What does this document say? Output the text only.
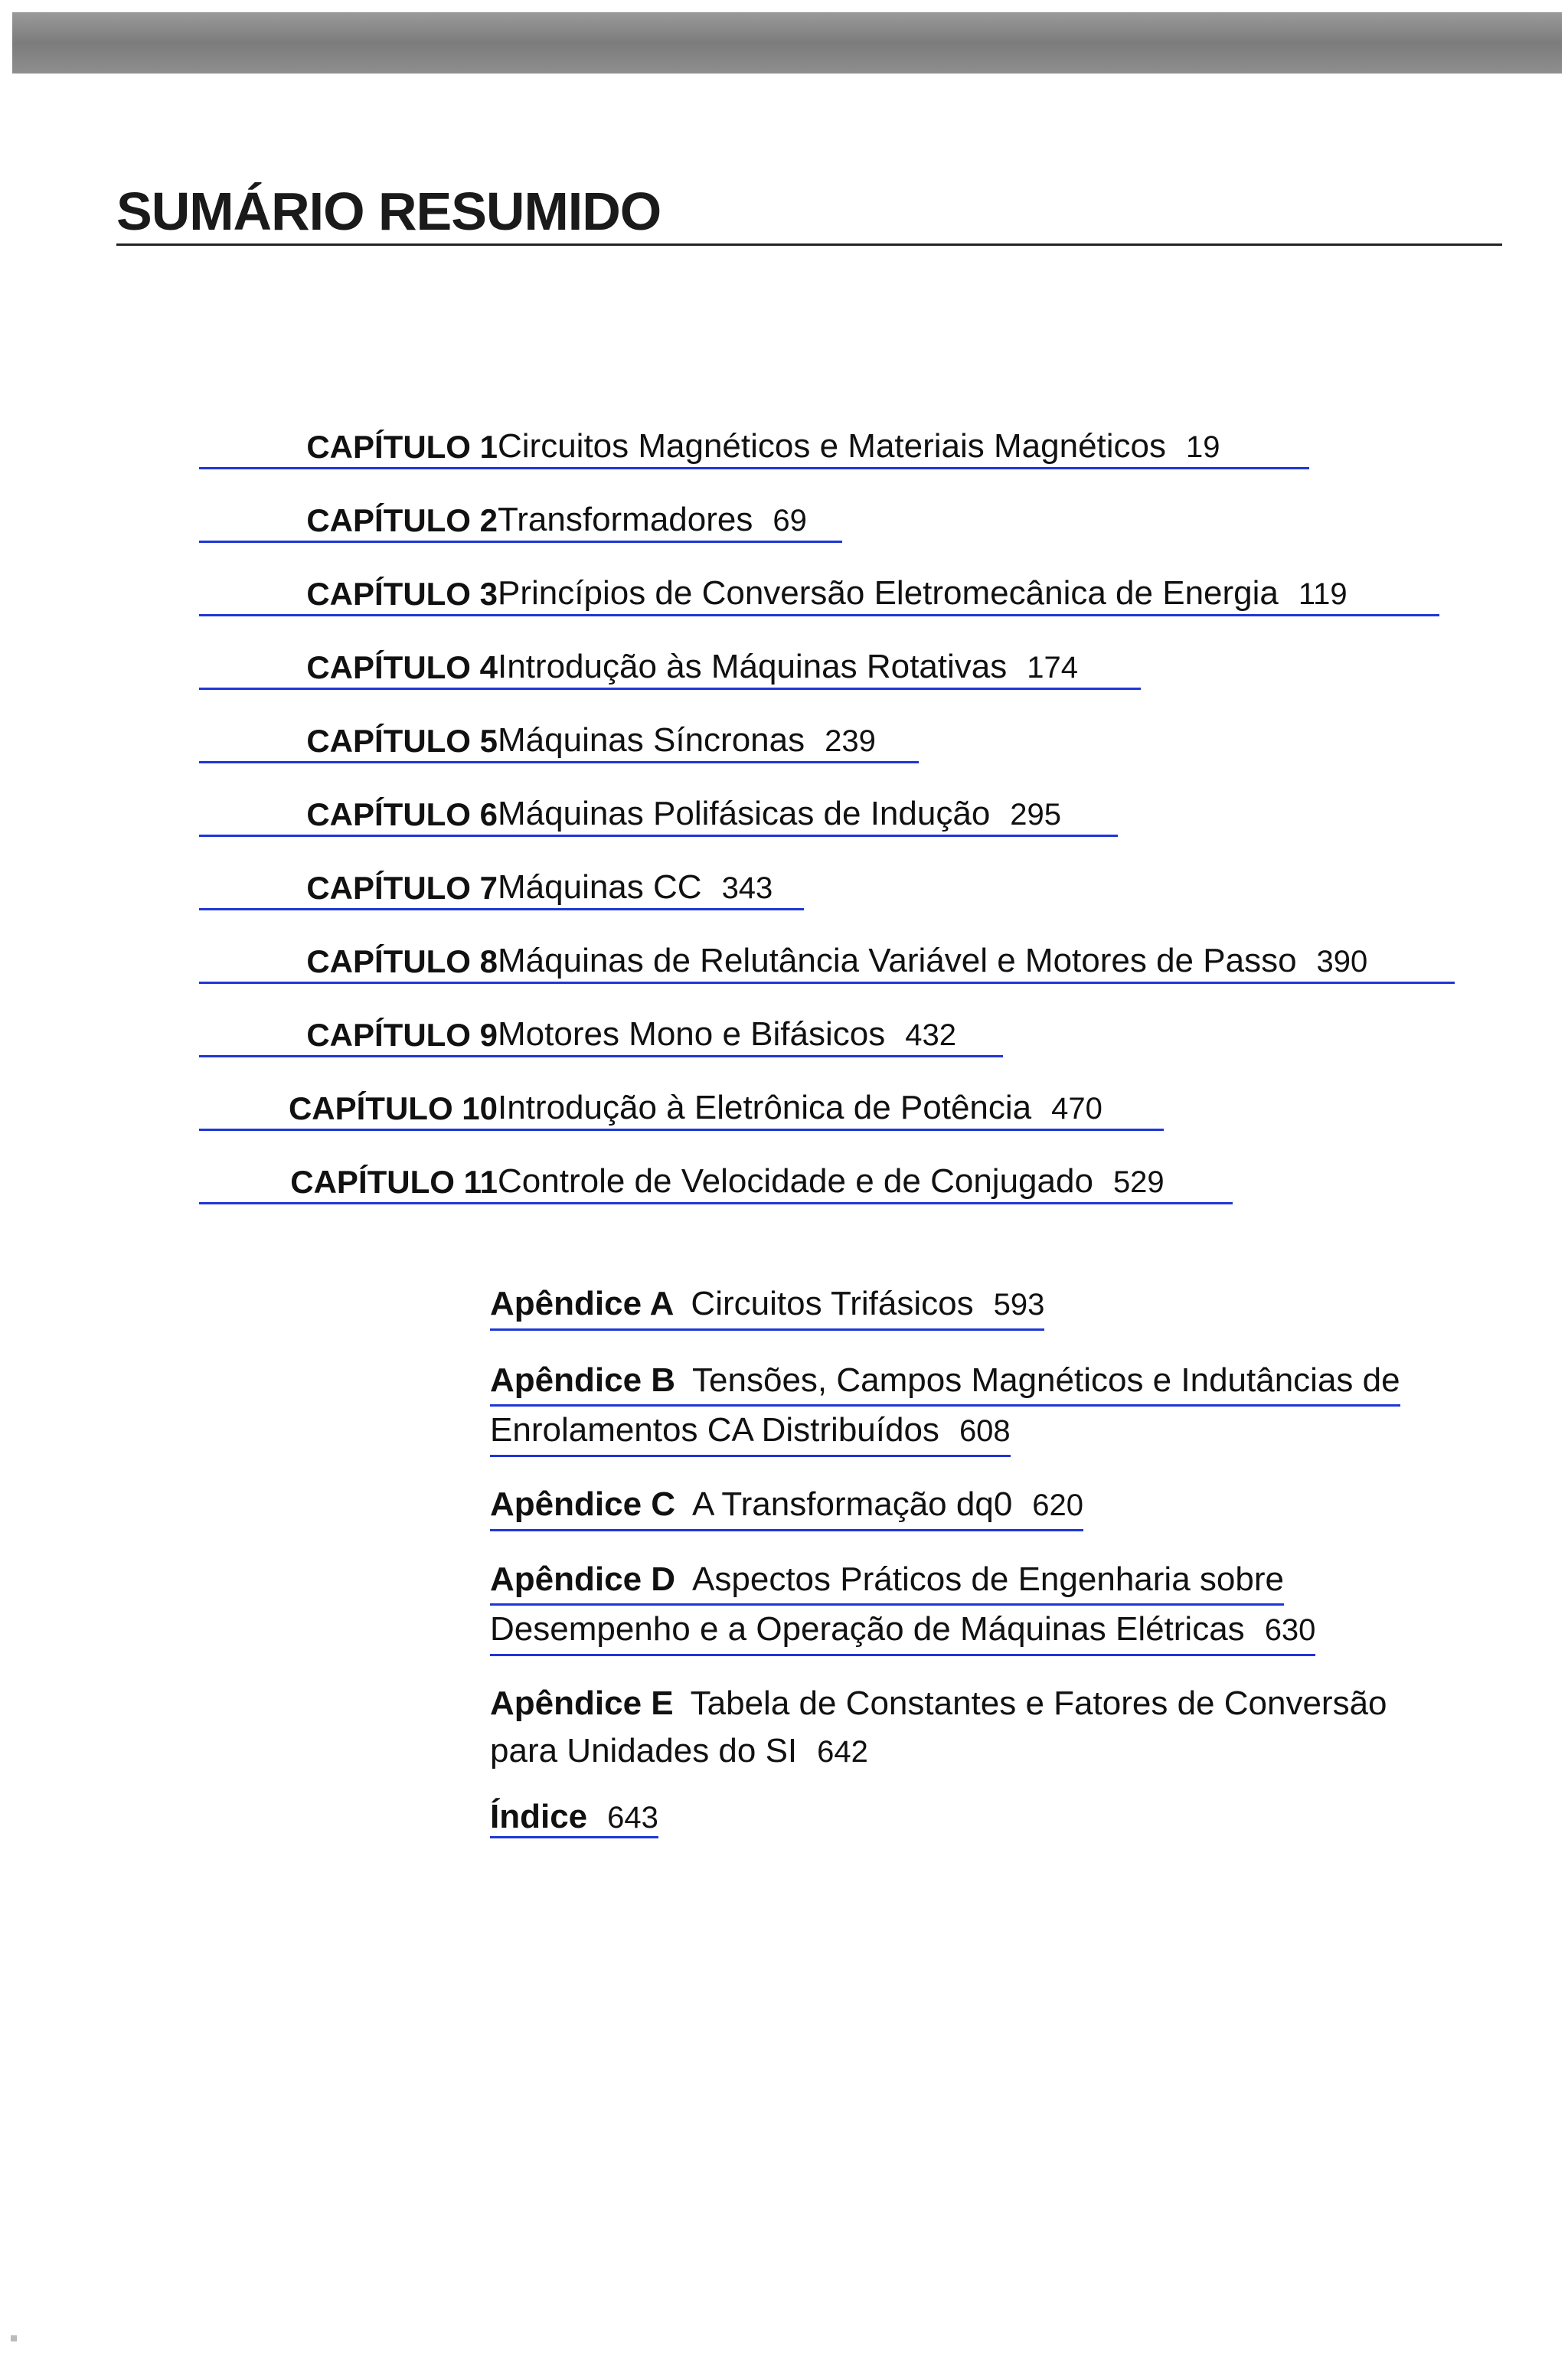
SUMÁRIO RESUMIDO
CAPÍTULO 1 Circuitos Magnéticos e Materiais Magnéticos 19
CAPÍTULO 2 Transformadores 69
CAPÍTULO 3 Princípios de Conversão Eletromecânica de Energia 119
CAPÍTULO 4 Introdução às Máquinas Rotativas 174
CAPÍTULO 5 Máquinas Síncronas 239
CAPÍTULO 6 Máquinas Polifásicas de Indução 295
CAPÍTULO 7 Máquinas CC 343
CAPÍTULO 8 Máquinas de Relutância Variável e Motores de Passo 390
CAPÍTULO 9 Motores Mono e Bifásicos 432
CAPÍTULO 10 Introdução à Eletrônica de Potência 470
CAPÍTULO 11 Controle de Velocidade e de Conjugado 529
Apêndice A Circuitos Trifásicos 593
Apêndice B Tensões, Campos Magnéticos e Indutâncias de
Enrolamentos CA Distribuídos 608
Apêndice C A Transformação dq0 620
Apêndice D Aspectos Práticos de Engenharia sobre
Desempenho e a Operação de Máquinas Elétricas 630
Apêndice E Tabela de Constantes e Fatores de Conversão
para Unidades do SI 642
Índice 643
